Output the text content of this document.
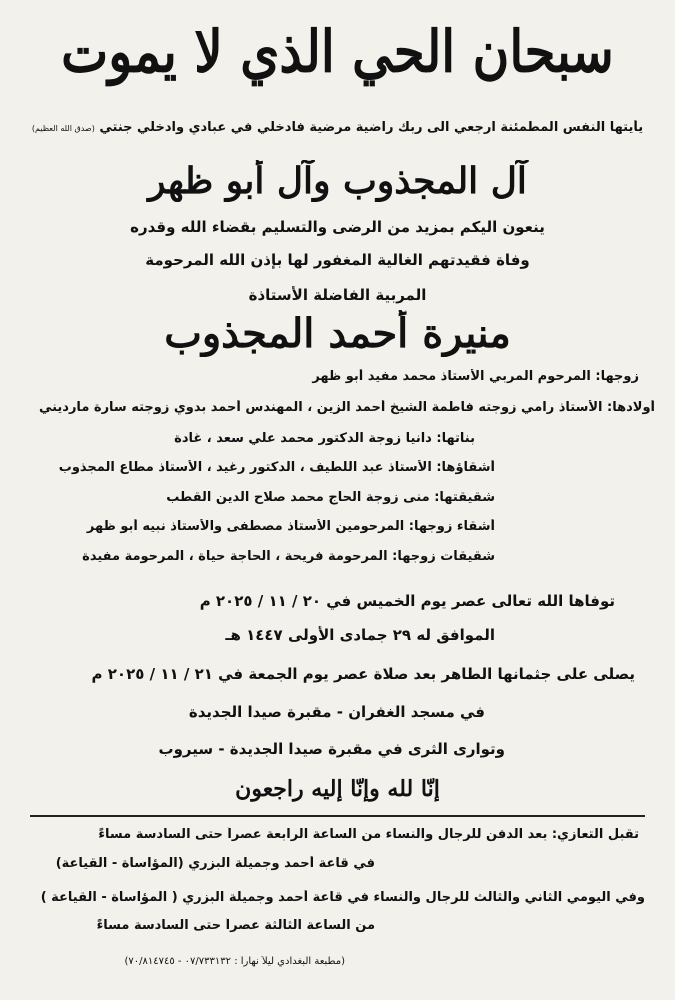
سبحان الحي الذي لا يموت
يأيتها النفس المطمئنة ارجعي الى ربك راضية مرضية فادخلي في عبادي وادخلي جنتي (صدق الله العظيم)
آل المجذوب وآل أبو ظهر
ينعون اليكم بمزيد من الرضى والتسليم بقضاء الله وقدره
وفاة فقيدتهم الغالية المغفور لها بإذن الله المرحومة
المربية الفاضلة الأستاذة
منيرة أحمد المجذوب
زوجها: المرحوم المربي الأستاذ محمد مفيد أبو ظهر
أولادها: الأستاذ رامي زوجته فاطمة الشيخ أحمد الزين ، المهندس أحمد بدوي زوجته سارة مارديني
بناتها: دانيا زوجة الدكتور محمد علي سعد ، غادة
أشقاؤها: الأستاذ عبد اللطيف ، الدكتور رغيد ، الأستاذ مطاع المجذوب
شقيقتها: منى زوجة الحاج محمد صلاح الدين القطب
أشقاء زوجها: المرحومين الأستاذ مصطفى والأستاذ نبيه أبو ظهر
شقيقات زوجها: المرحومة فريحة ، الحاجة حياة ، المرحومة مفيدة
توفاها الله تعالى عصر يوم الخميس في ٢٠ / ١١ / ٢٠٢٥ م
الموافق له ٢٩ جمادى الأولى ١٤٤٧ هـ
يصلى على جثمانها الطاهر بعد صلاة عصر يوم الجمعة في ٢١ / ١١ / ٢٠٢٥ م
في مسجد الغفران - مقبرة صيدا الجديدة
وتوارى الثرى في مقبرة صيدا الجديدة - سيروب
إنّا لله وإنّا إليه راجعون
تقبل التعازي: بعد الدفن للرجال والنساء من الساعة الرابعة عصراً حتى السادسة مساءً
في قاعة أحمد وجميلة البزري (المؤاساة - القياعة)
وفي اليومي الثاني والثالث للرجال والنساء في قاعة أحمد وجميلة البزري ( المؤاساة - القياعة )
من الساعة الثالثة عصراً حتى السادسة مساءً
(مطبعة البغدادي ليلاً نهاراً : ٠٧/٧٣٣١٣٢ - ٧٠/٨١٤٧٤٥)
